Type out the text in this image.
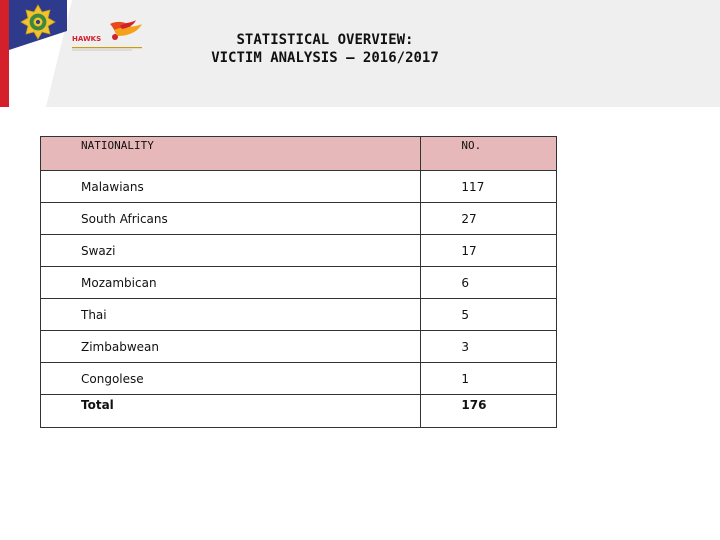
HAWKS	STATISTICAL OVERVIEW:
VICTIM ANALYSIS – 2016/2017
NATIONALITY	NO.
Malawians	117
South Africans	27
Swazi	17
Mozambican	6
Thai	5
Zimbabwean	3
Congolese	1
Total	176
